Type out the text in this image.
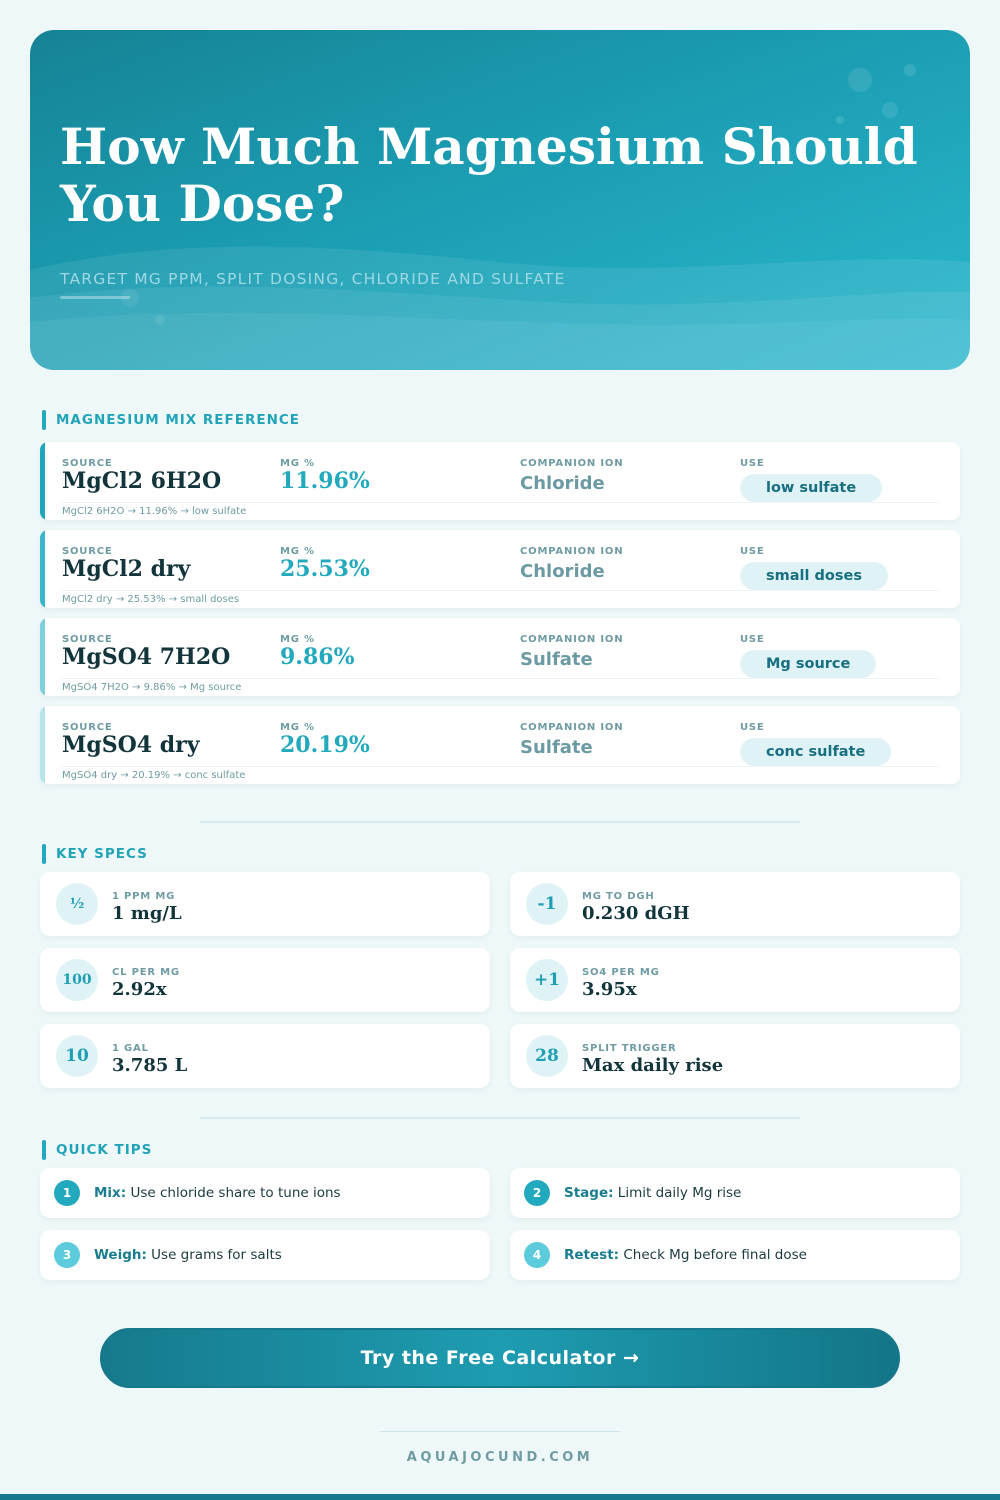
How Much Magnesium Should You Dose?
TARGET MG PPM, SPLIT DOSING, CHLORIDE AND SULFATE
MAGNESIUM MIX REFERENCE
SOURCE
MgCl2 6H2O
MG %
11.96%
COMPANION ION
Chloride
USE
low sulfate
MgCl2 6H2O → 11.96% → low sulfate
SOURCE
MgCl2 dry
MG %
25.53%
COMPANION ION
Chloride
USE
small doses
MgCl2 dry → 25.53% → small doses
SOURCE
MgSO4 7H2O
MG %
9.86%
COMPANION ION
Sulfate
USE
Mg source
MgSO4 7H2O → 9.86% → Mg source
SOURCE
MgSO4 dry
MG %
20.19%
COMPANION ION
Sulfate
USE
conc sulfate
MgSO4 dry → 20.19% → conc sulfate
KEY SPECS
½	1 PPM MG
1 mg/L	-1	MG TO DGH
0.230 dGH
100	CL PER MG
2.92x	+1	SO4 PER MG
3.95x
10	1 GAL
3.785 L	28	SPLIT TRIGGER
Max daily rise
QUICK TIPS
1	Mix: Use chloride share to tune ions	2	Stage: Limit daily Mg rise
3	Weigh: Use grams for salts	4	Retest: Check Mg before final dose
Try the Free Calculator →
AQUAJOCUND.COM
